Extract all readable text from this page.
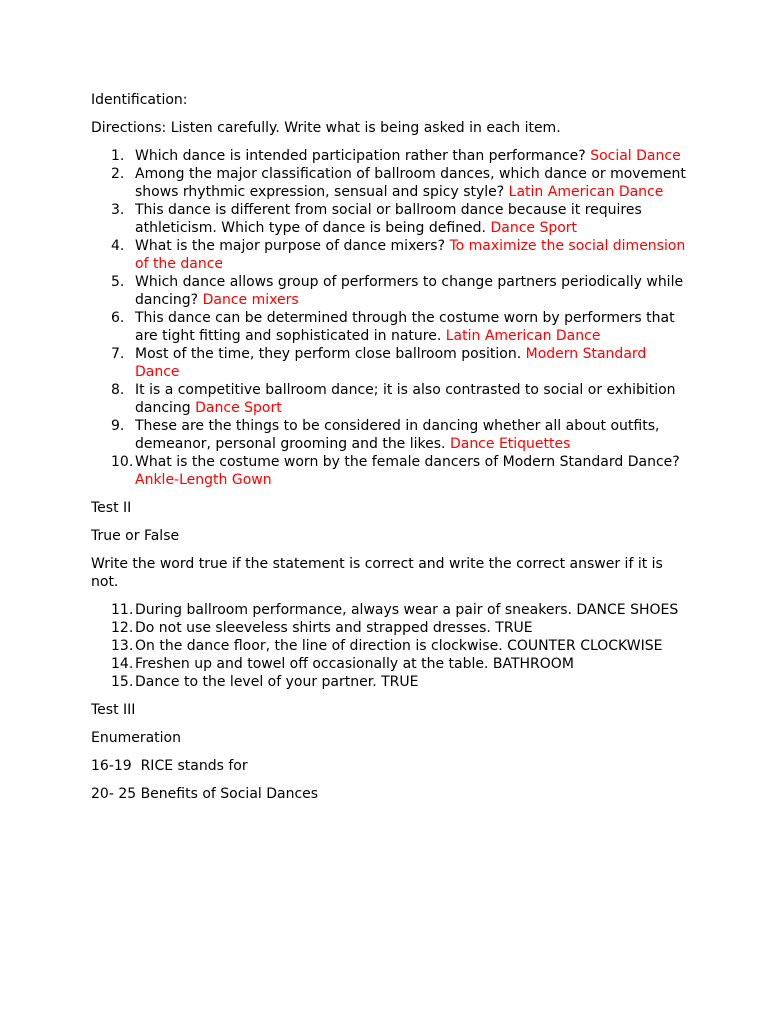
Identification:

Directions: Listen carefully. Write what is being asked in each item.

1. Which dance is intended participation rather than performance? Social Dance
2. Among the major classification of ballroom dances, which dance or movement shows rhythmic expression, sensual and spicy style? Latin American Dance
3. This dance is different from social or ballroom dance because it requires athleticism. Which type of dance is being defined. Dance Sport
4. What is the major purpose of dance mixers? To maximize the social dimension of the dance
5. Which dance allows group of performers to change partners periodically while dancing? Dance mixers
6. This dance can be determined through the costume worn by performers that are tight fitting and sophisticated in nature. Latin American Dance
7. Most of the time, they perform close ballroom position. Modern Standard Dance
8. It is a competitive ballroom dance; it is also contrasted to social or exhibition dancing Dance Sport
9. These are the things to be considered in dancing whether all about outfits, demeanor, personal grooming and the likes. Dance Etiquettes
10. What is the costume worn by the female dancers of Modern Standard Dance? Ankle-Length Gown

Test II

True or False

Write the word true if the statement is correct and write the correct answer if it is not.

11. During ballroom performance, always wear a pair of sneakers. DANCE SHOES
12. Do not use sleeveless shirts and strapped dresses. TRUE
13. On the dance floor, the line of direction is clockwise. COUNTER CLOCKWISE
14. Freshen up and towel off occasionally at the table. BATHROOM
15. Dance to the level of your partner. TRUE

Test III

Enumeration

16-19  RICE stands for

20- 25 Benefits of Social Dances
